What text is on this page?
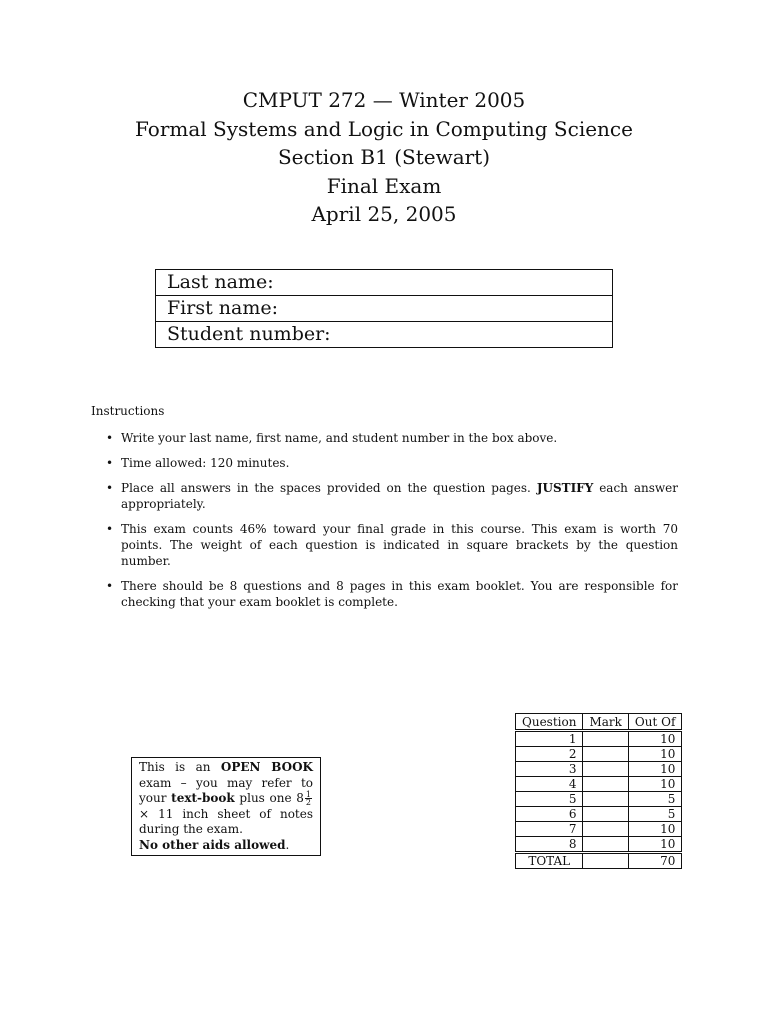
CMPUT 272 — Winter 2005
Formal Systems and Logic in Computing Science
Section B1 (Stewart)
Final Exam
April 25, 2005
Last name:
First name:
Student number:
Instructions
• Write your last name, first name, and student number in the box above.
• Time allowed: 120 minutes.
• Place all answers in the spaces provided on the question pages. JUSTIFY each answer appropriately.
• This exam counts 46% toward your final grade in this course. This exam is worth 70 points. The weight of each question is indicated in square brackets by the question number.
• There should be 8 questions and 8 pages in this exam booklet. You are responsible for checking that your exam booklet is complete.
This is an OPEN BOOK exam – you may refer to your text-book plus one $8 \frac{1}{2}$
× 11 inch sheet of notes during the exam.
No other aids allowed.
Question	Mark	Out Of
1		10
2		10
3		10
4		10
5		5
6		5
7		10
8		10
TOTAL		70
